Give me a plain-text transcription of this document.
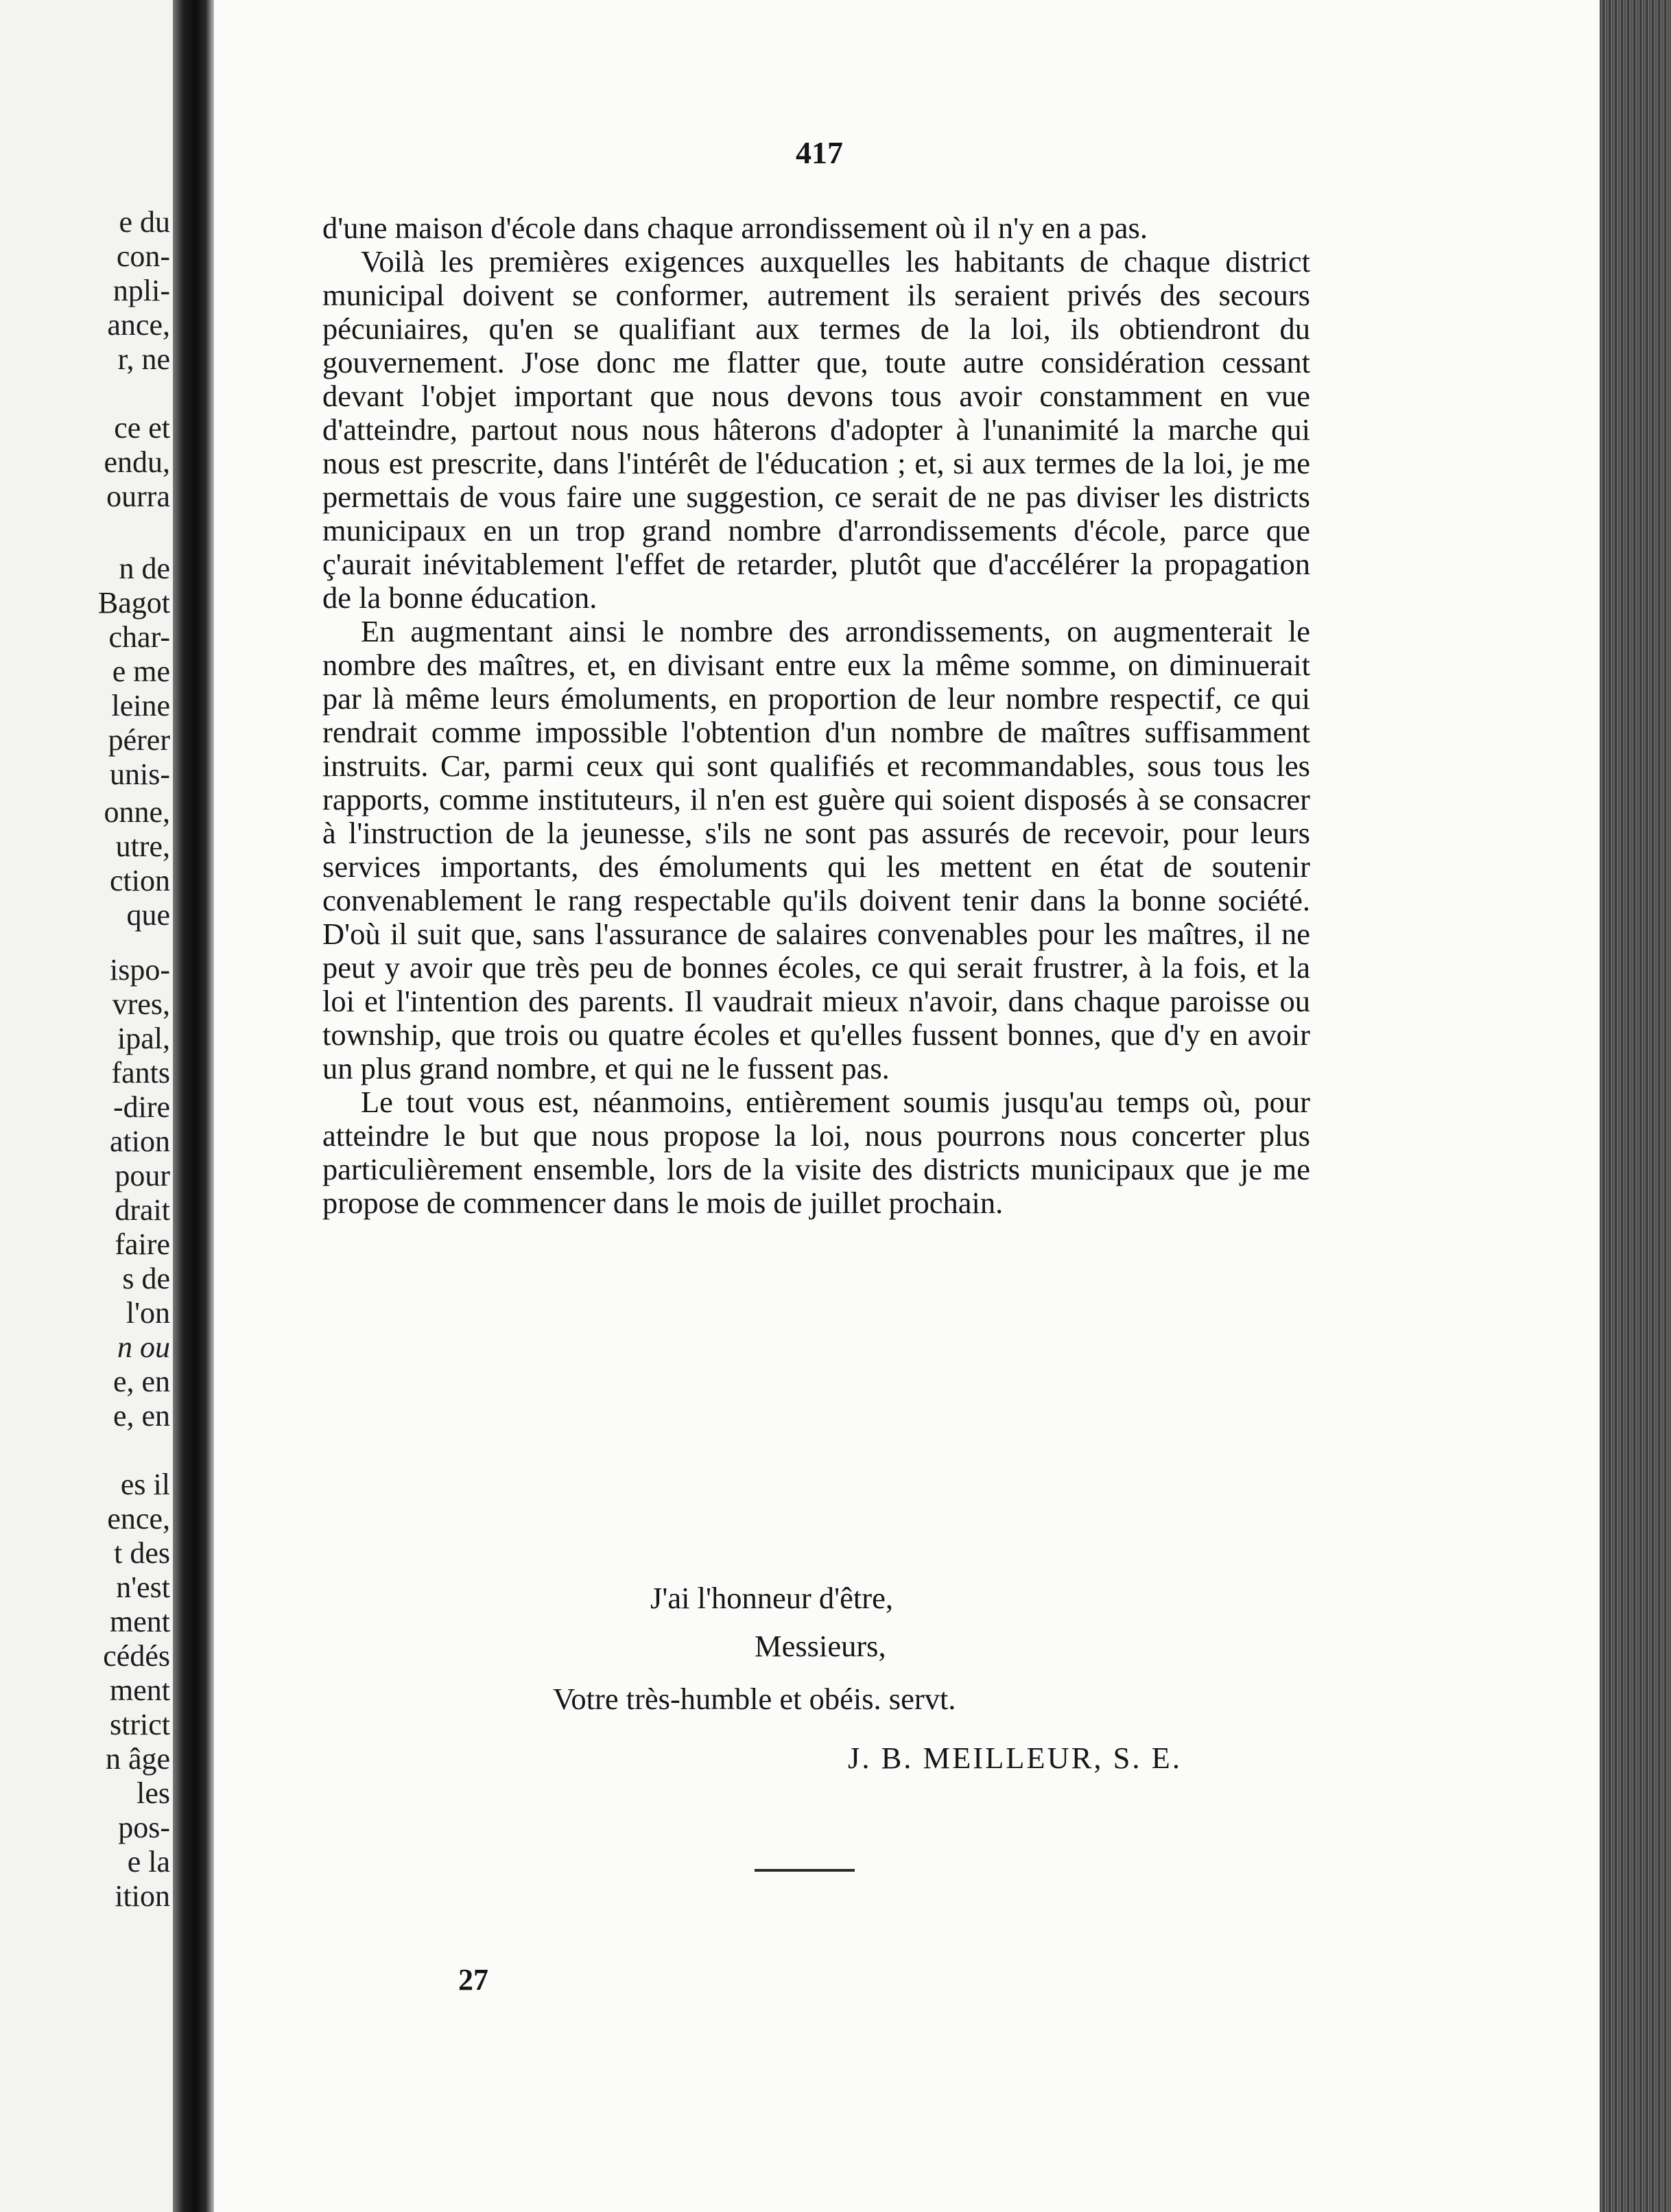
e du
con-
npli-
ance,
r, ne
ce et
endu,
ourra
n de
Bagot
char-
e me
leine
pérer
unis-
onne,
utre,
ction
que
ispo-
vres,
ipal,
fants
-dire
ation
pour
drait
faire
s de
l'on
n ou
e, en
e, en
es il
ence,
t des
n'est
ment
cédés
ment
strict
n âge
les
pos-
e la
ition
417

d'une maison d'école dans chaque arrondissement où il n'y en a pas.

Voilà les premières exigences auxquelles les habitants de chaque district municipal doivent se conformer, autrement ils seraient privés des secours pécuniaires, qu'en se qualifiant aux termes de la loi, ils obtiendront du gouvernement. J'ose donc me flatter que, toute autre considération cessant devant l'objet important que nous devons tous avoir constamment en vue d'atteindre, partout nous nous hâterons d'adopter à l'unanimité la marche qui nous est prescrite, dans l'intérêt de l'éducation ; et, si aux termes de la loi, je me permettais de vous faire une suggestion, ce serait de ne pas diviser les districts municipaux en un trop grand nombre d'arrondissements d'école, parce que ç'aurait inévitablement l'effet de retarder, plutôt que d'accélérer la propagation de la bonne éducation.

En augmentant ainsi le nombre des arrondissements, on augmenterait le nombre des maîtres, et, en divisant entre eux la même somme, on diminuerait par là même leurs émoluments, en proportion de leur nombre respectif, ce qui rendrait comme impossible l'obtention d'un nombre de maîtres suffisamment instruits. Car, parmi ceux qui sont qualifiés et recommandables, sous tous les rapports, comme instituteurs, il n'en est guère qui soient disposés à se consacrer à l'instruction de la jeunesse, s'ils ne sont pas assurés de recevoir, pour leurs services importants, des émoluments qui les mettent en état de soutenir convenablement le rang respectable qu'ils doivent tenir dans la bonne société. D'où il suit que, sans l'assurance de salaires convenables pour les maîtres, il ne peut y avoir que très peu de bonnes écoles, ce qui serait frustrer, à la fois, et la loi et l'intention des parents. Il vaudrait mieux n'avoir, dans chaque paroisse ou township, que trois ou quatre écoles et qu'elles fussent bonnes, que d'y en avoir un plus grand nombre, et qui ne le fussent pas.

Le tout vous est, néanmoins, entièrement soumis jusqu'au temps où, pour atteindre le but que nous propose la loi, nous pourrons nous concerter plus particulièrement ensemble, lors de la visite des districts municipaux que je me propose de commencer dans le mois de juillet prochain.

J'ai l'honneur d'être,
Messieurs,
Votre très-humble et obéis. servt.
J. B. MEILLEUR, S. E.
27
